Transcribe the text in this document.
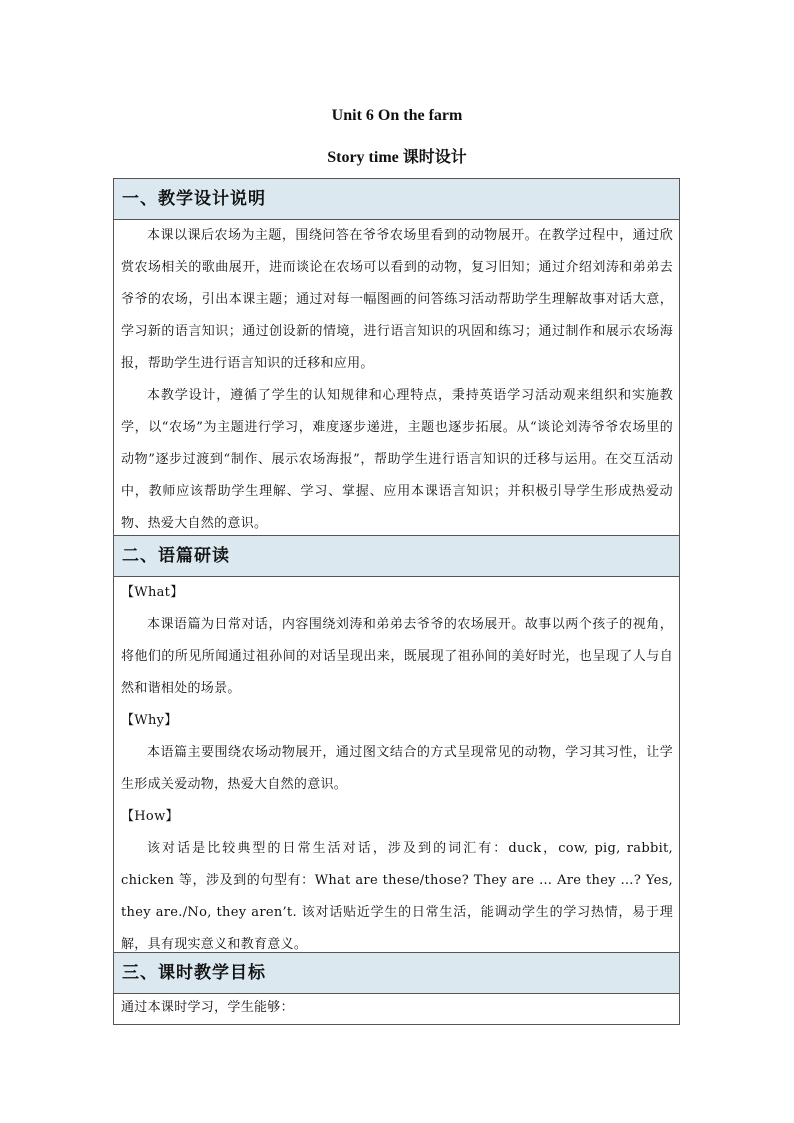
Unit 6 On the farm
Story time 课时设计
一、教学设计说明

本课以课后农场为主题，围绕问答在爷爷农场里看到的动物展开。在教学过程中，通过欣赏农场相关的歌曲展开，进而谈论在农场可以看到的动物，复习旧知；通过介绍刘涛和弟弟去爷爷的农场，引出本课主题；通过对每一幅图画的问答练习活动帮助学生理解故事对话大意，学习新的语言知识；通过创设新的情境，进行语言知识的巩固和练习；通过制作和展示农场海报，帮助学生进行语言知识的迁移和应用。

本教学设计，遵循了学生的认知规律和心理特点，秉持英语学习活动观来组织和实施教学，以“农场”为主题进行学习，难度逐步递进，主题也逐步拓展。从“谈论刘涛爷爷农场里的动物”逐步过渡到“制作、展示农场海报”，帮助学生进行语言知识的迁移与运用。在交互活动中，教师应该帮助学生理解、学习、掌握、应用本课语言知识；并积极引导学生形成热爱动物、热爱大自然的意识。

二、语篇研读

【What】

本课语篇为日常对话，内容围绕刘涛和弟弟去爷爷的农场展开。故事以两个孩子的视角，将他们的所见所闻通过祖孙间的对话呈现出来，既展现了祖孙间的美好时光，也呈现了人与自然和谐相处的场景。

【Why】

本语篇主要围绕农场动物展开，通过图文结合的方式呈现常见的动物，学习其习性，让学生形成关爱动物，热爱大自然的意识。

【How】

该对话是比较典型的日常生活对话，涉及到的词汇有：duck，cow, pig, rabbit, chicken 等，涉及到的句型有：What are these/those? They are … Are they …? Yes, they are./No, they aren’t. 该对话贴近学生的日常生活，能调动学生的学习热情，易于理解，具有现实意义和教育意义。

三、课时教学目标

通过本课时学习，学生能够：
